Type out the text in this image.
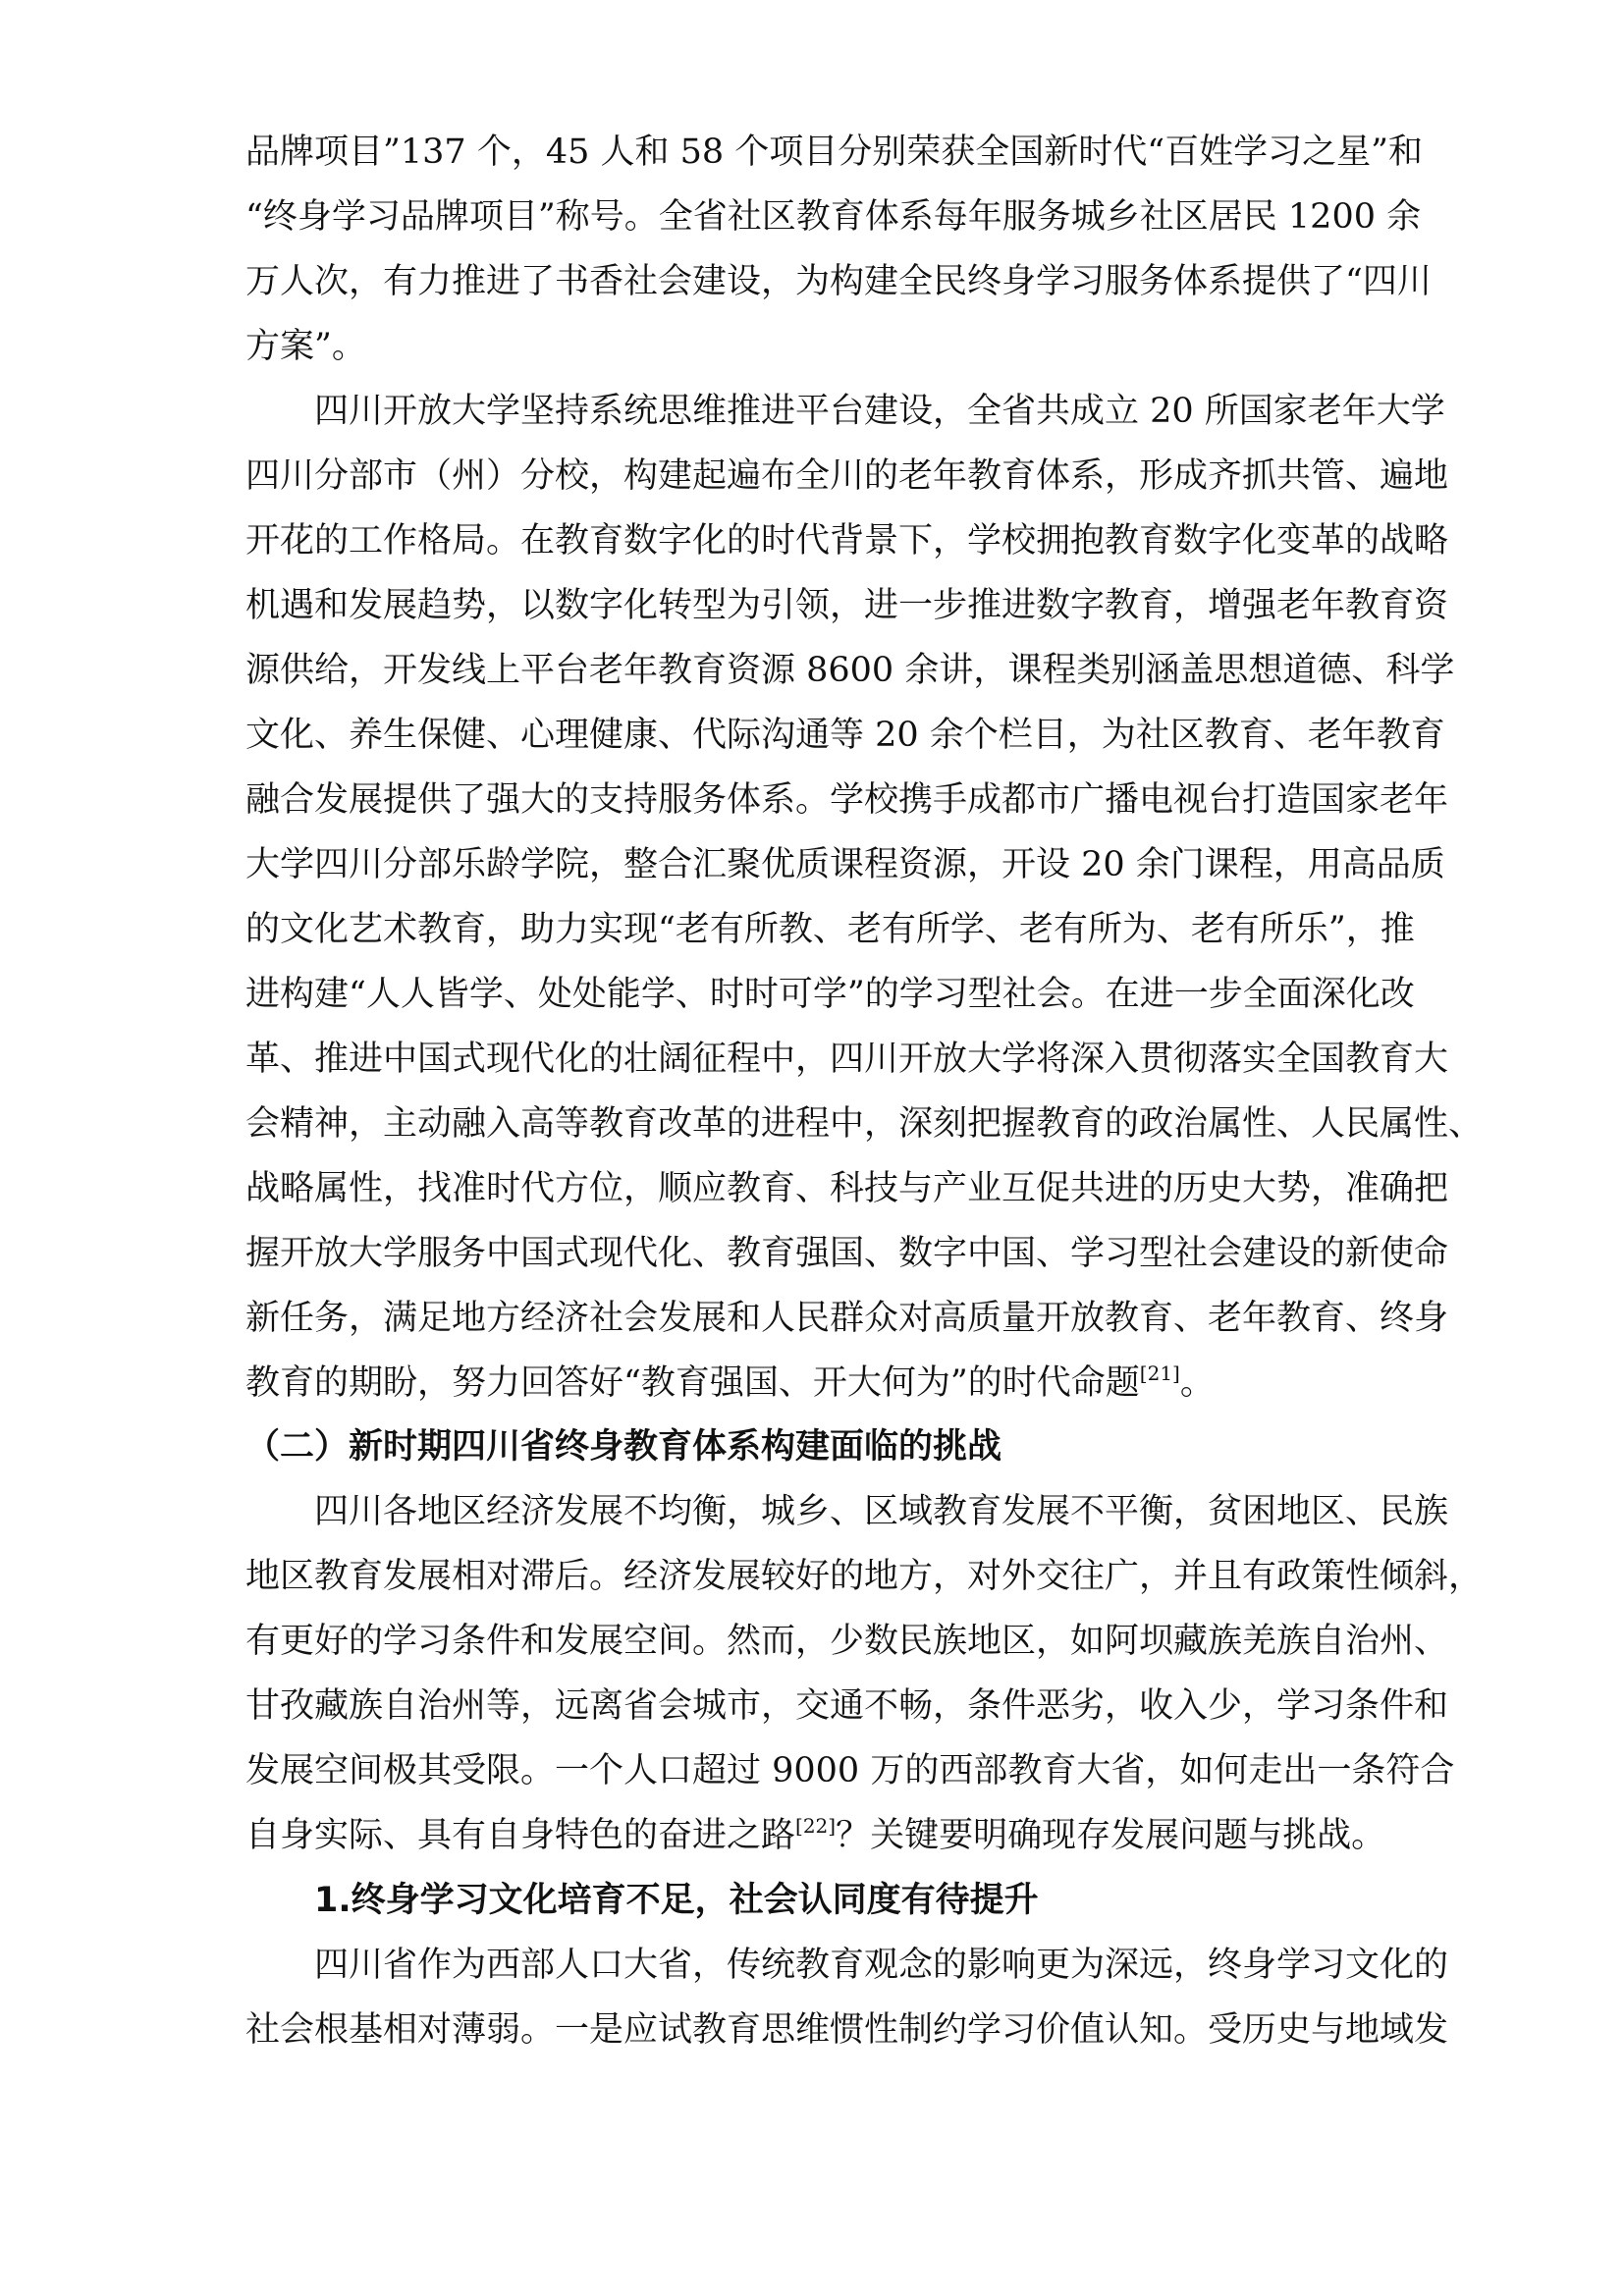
品牌项目”137 个，45 人和 58 个项目分别荣获全国新时代“百姓学习之星”和
“终身学习品牌项目”称号。全省社区教育体系每年服务城乡社区居民 1200 余
万人次，有力推进了书香社会建设，为构建全民终身学习服务体系提供了“四川
方案”。
四川开放大学坚持系统思维推进平台建设，全省共成立 20 所国家老年大学
四川分部市（州）分校，构建起遍布全川的老年教育体系，形成齐抓共管、遍地
开花的工作格局。在教育数字化的时代背景下，学校拥抱教育数字化变革的战略
机遇和发展趋势，以数字化转型为引领，进一步推进数字教育，增强老年教育资
源供给，开发线上平台老年教育资源 8600 余讲，课程类别涵盖思想道德、科学
文化、养生保健、心理健康、代际沟通等 20 余个栏目，为社区教育、老年教育
融合发展提供了强大的支持服务体系。学校携手成都市广播电视台打造国家老年
大学四川分部乐龄学院，整合汇聚优质课程资源，开设 20 余门课程，用高品质
的文化艺术教育，助力实现“老有所教、老有所学、老有所为、老有所乐”，推
进构建“人人皆学、处处能学、时时可学”的学习型社会。在进一步全面深化改
革、推进中国式现代化的壮阔征程中，四川开放大学将深入贯彻落实全国教育大
会精神，主动融入高等教育改革的进程中，深刻把握教育的政治属性、人民属性、
战略属性，找准时代方位，顺应教育、科技与产业互促共进的历史大势，准确把
握开放大学服务中国式现代化、教育强国、数字中国、学习型社会建设的新使命
新任务，满足地方经济社会发展和人民群众对高质量开放教育、老年教育、终身
教育的期盼，努力回答好“教育强国、开大何为”的时代命题[21]。
（二）新时期四川省终身教育体系构建面临的挑战
四川各地区经济发展不均衡，城乡、区域教育发展不平衡，贫困地区、民族
地区教育发展相对滞后。经济发展较好的地方，对外交往广，并且有政策性倾斜，
有更好的学习条件和发展空间。然而，少数民族地区，如阿坝藏族羌族自治州、
甘孜藏族自治州等，远离省会城市，交通不畅，条件恶劣，收入少，学习条件和
发展空间极其受限。一个人口超过 9000 万的西部教育大省，如何走出一条符合
自身实际、具有自身特色的奋进之路[22]？关键要明确现存发展问题与挑战。
1.终身学习文化培育不足，社会认同度有待提升
四川省作为西部人口大省，传统教育观念的影响更为深远，终身学习文化的
社会根基相对薄弱。一是应试教育思维惯性制约学习价值认知。受历史与地域发
